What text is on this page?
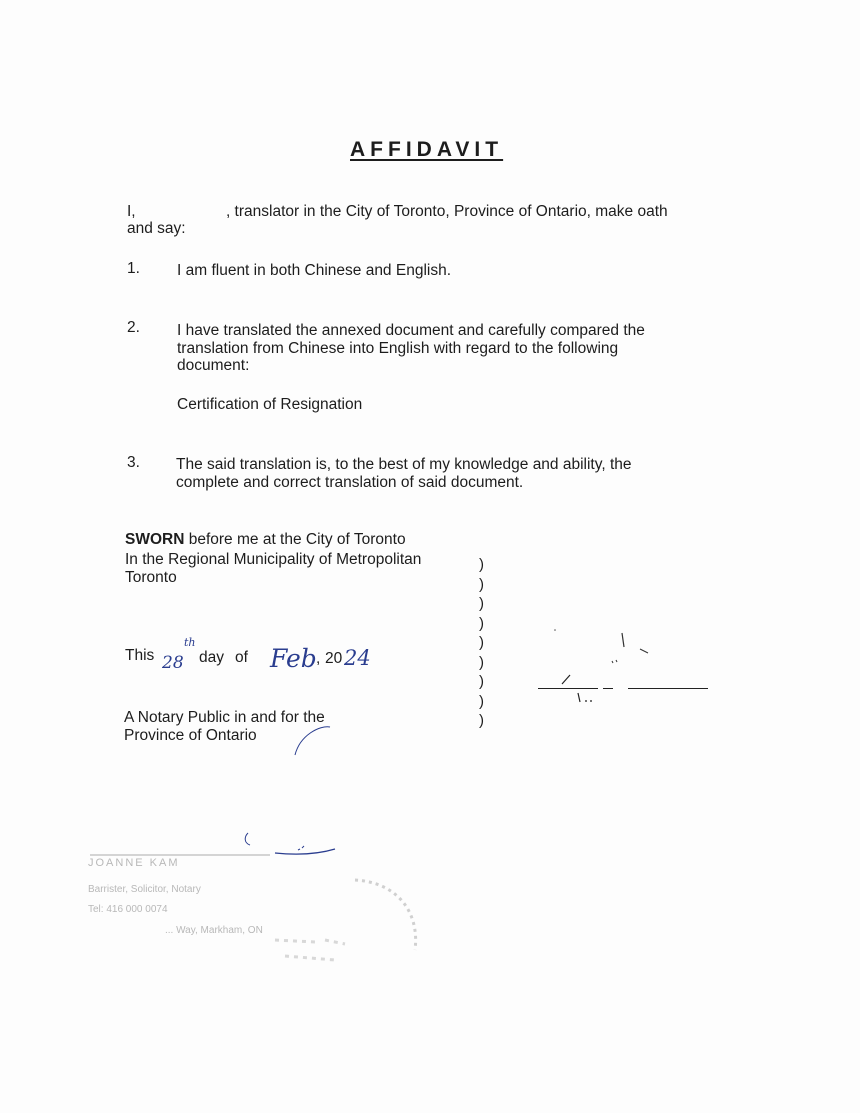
AFFIDAVIT
I,	, translator in the City of Toronto, Province of Ontario, make oath
and say:
1. I am fluent in both Chinese and English.
2. I have translated the annexed document and carefully compared the
translation from Chinese into English with regard to the following
document:
Certification of Resignation
3. The said translation is, to the best of my knowledge and ability, the
complete and correct translation of said document.
SWORN before me at the City of Toronto
In the Regional Municipality of Metropolitan
Toronto
)
)
)
)
)
)
)
)
)
This 28
th
day of Feb , 20 24
A Notary Public in and for the
Province of Ontario
JOANNE KAM
Barrister, Solicitor, Notary
Tel: 416 000 0074
... Way, Markham, ON
